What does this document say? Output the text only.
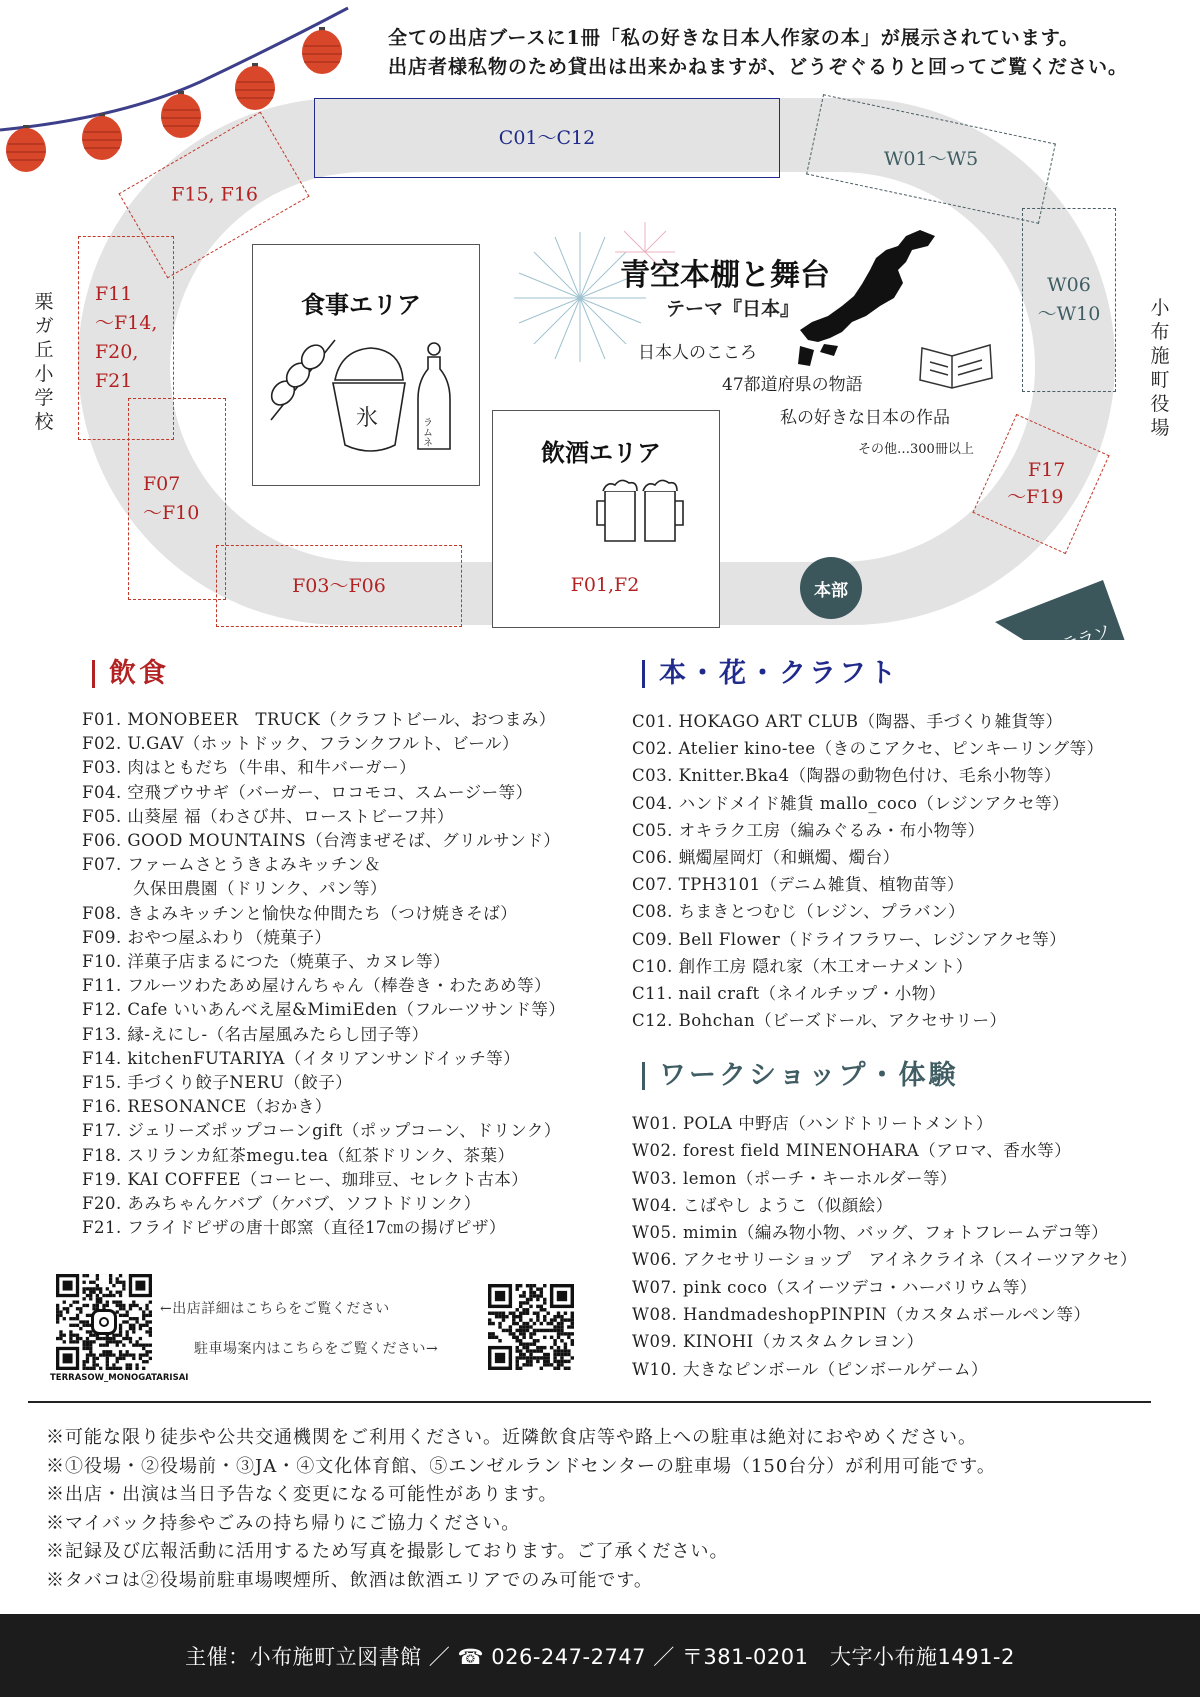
全ての出店ブースに1冊「私の好きな日本人作家の本」が展示されています。
出店者様私物のため貸出は出来かねますが、どうぞぐるりと回ってご覧ください。
C01～C12
W01～W5
W06
～W10
F15, F16
F11
～F14,
F20,
F21
F07
～F10
F03～F06
F17
～F19
栗ガ丘小学校
小布施町役場
食事エリア
氷	ラムネ
飲酒エリア
F01,F2
青空本棚と舞台
テーマ『日本』
日本人のこころ
47都道府県の物語
私の好きな日本の作品
その他…300冊以上
本部
テラソ
飲食
F01. MONOBEER　TRUCK（クラフトビール、おつまみ）
F02. U.GAV（ホットドック、フランクフルト、ビール）
F03. 肉はともだち（牛串、和牛バーガー）
F04. 空飛ブウサギ（バーガー、ロコモコ、スムージー等）
F05. 山葵屋 福（わさび丼、ローストビーフ丼）
F06. GOOD MOUNTAINS（台湾まぜそば、グリルサンド）
F07. ファームさとうきよみキッチン＆
久保田農園（ドリンク、パン等）
F08. きよみキッチンと愉快な仲間たち（つけ焼きそば）
F09. おやつ屋ふわり（焼菓子）
F10. 洋菓子店まるにつた（焼菓子、カヌレ等）
F11. フルーツわたあめ屋けんちゃん（棒巻き・わたあめ等）
F12. Cafe いいあんべえ屋&MimiEden（フルーツサンド等）
F13. 縁-えにし-（名古屋風みたらし団子等）
F14. kitchenFUTARIYA（イタリアンサンドイッチ等）
F15. 手づくり餃子NERU（餃子）
F16. RESONANCE（おかき）
F17. ジェリーズポップコーンgift（ポップコーン、ドリンク）
F18. スリランカ紅茶megu.tea（紅茶ドリンク、茶葉）
F19. KAI COFFEE（コーヒー、珈琲豆、セレクト古本）
F20. あみちゃんケバブ（ケバブ、ソフトドリンク）
F21. フライドピザの唐十郎窯（直径17㎝の揚げピザ）
本・花・クラフト
C01. HOKAGO ART CLUB（陶器、手づくり雑貨等）
C02. Atelier kino-tee（きのこアクセ、ピンキーリング等）
C03. Knitter.Bka4（陶器の動物色付け、毛糸小物等）
C04. ハンドメイド雑貨 mallo_coco（レジンアクセ等）
C05. オキラク工房（編みぐるみ・布小物等）
C06. 蝋燭屋岡灯（和蝋燭、燭台）
C07. TPH3101（デニム雑貨、植物苗等）
C08. ちまきとつむじ（レジン、プラバン）
C09. Bell Flower（ドライフラワー、レジンアクセ等）
C10. 創作工房 隠れ家（木工オーナメント）
C11. nail craft（ネイルチップ・小物）
C12. Bohchan（ビーズドール、アクセサリー）
ワークショップ・体験
W01. POLA 中野店（ハンドトリートメント）
W02. forest field MINENOHARA（アロマ、香水等）
W03. lemon（ポーチ・キーホルダー等）
W04. こばやし ようこ（似顔絵）
W05. mimin（編み物小物、バッグ、フォトフレームデコ等）
W06. アクセサリーショップ　アイネクライネ（スイーツアクセ）
W07. pink coco（スイーツデコ・ハーバリウム等）
W08. HandmadeshopPINPIN（カスタムボールペン等）
W09. KINOHI（カスタムクレヨン）
W10. 大きなピンボール（ピンボールゲーム）
TERRASOW_MONOGATARISAI
←出店詳細はこちらをご覧ください
駐車場案内はこちらをご覧ください→
※可能な限り徒歩や公共交通機関をご利用ください。近隣飲食店等や路上への駐車は絶対におやめください。
※①役場・②役場前・③JA・④文化体育館、⑤エンゼルランドセンターの駐車場（150台分）が利用可能です。
※出店・出演は当日予告なく変更になる可能性があります。
※マイバック持参やごみの持ち帰りにご協力ください。
※記録及び広報活動に活用するため写真を撮影しております。ご了承ください。
※タバコは②役場前駐車場喫煙所、飲酒は飲酒エリアでのみ可能です。
主催：小布施町立図書館 ／ ☎ 026-247-2747 ／ 〒381-0201　大字小布施1491-2
